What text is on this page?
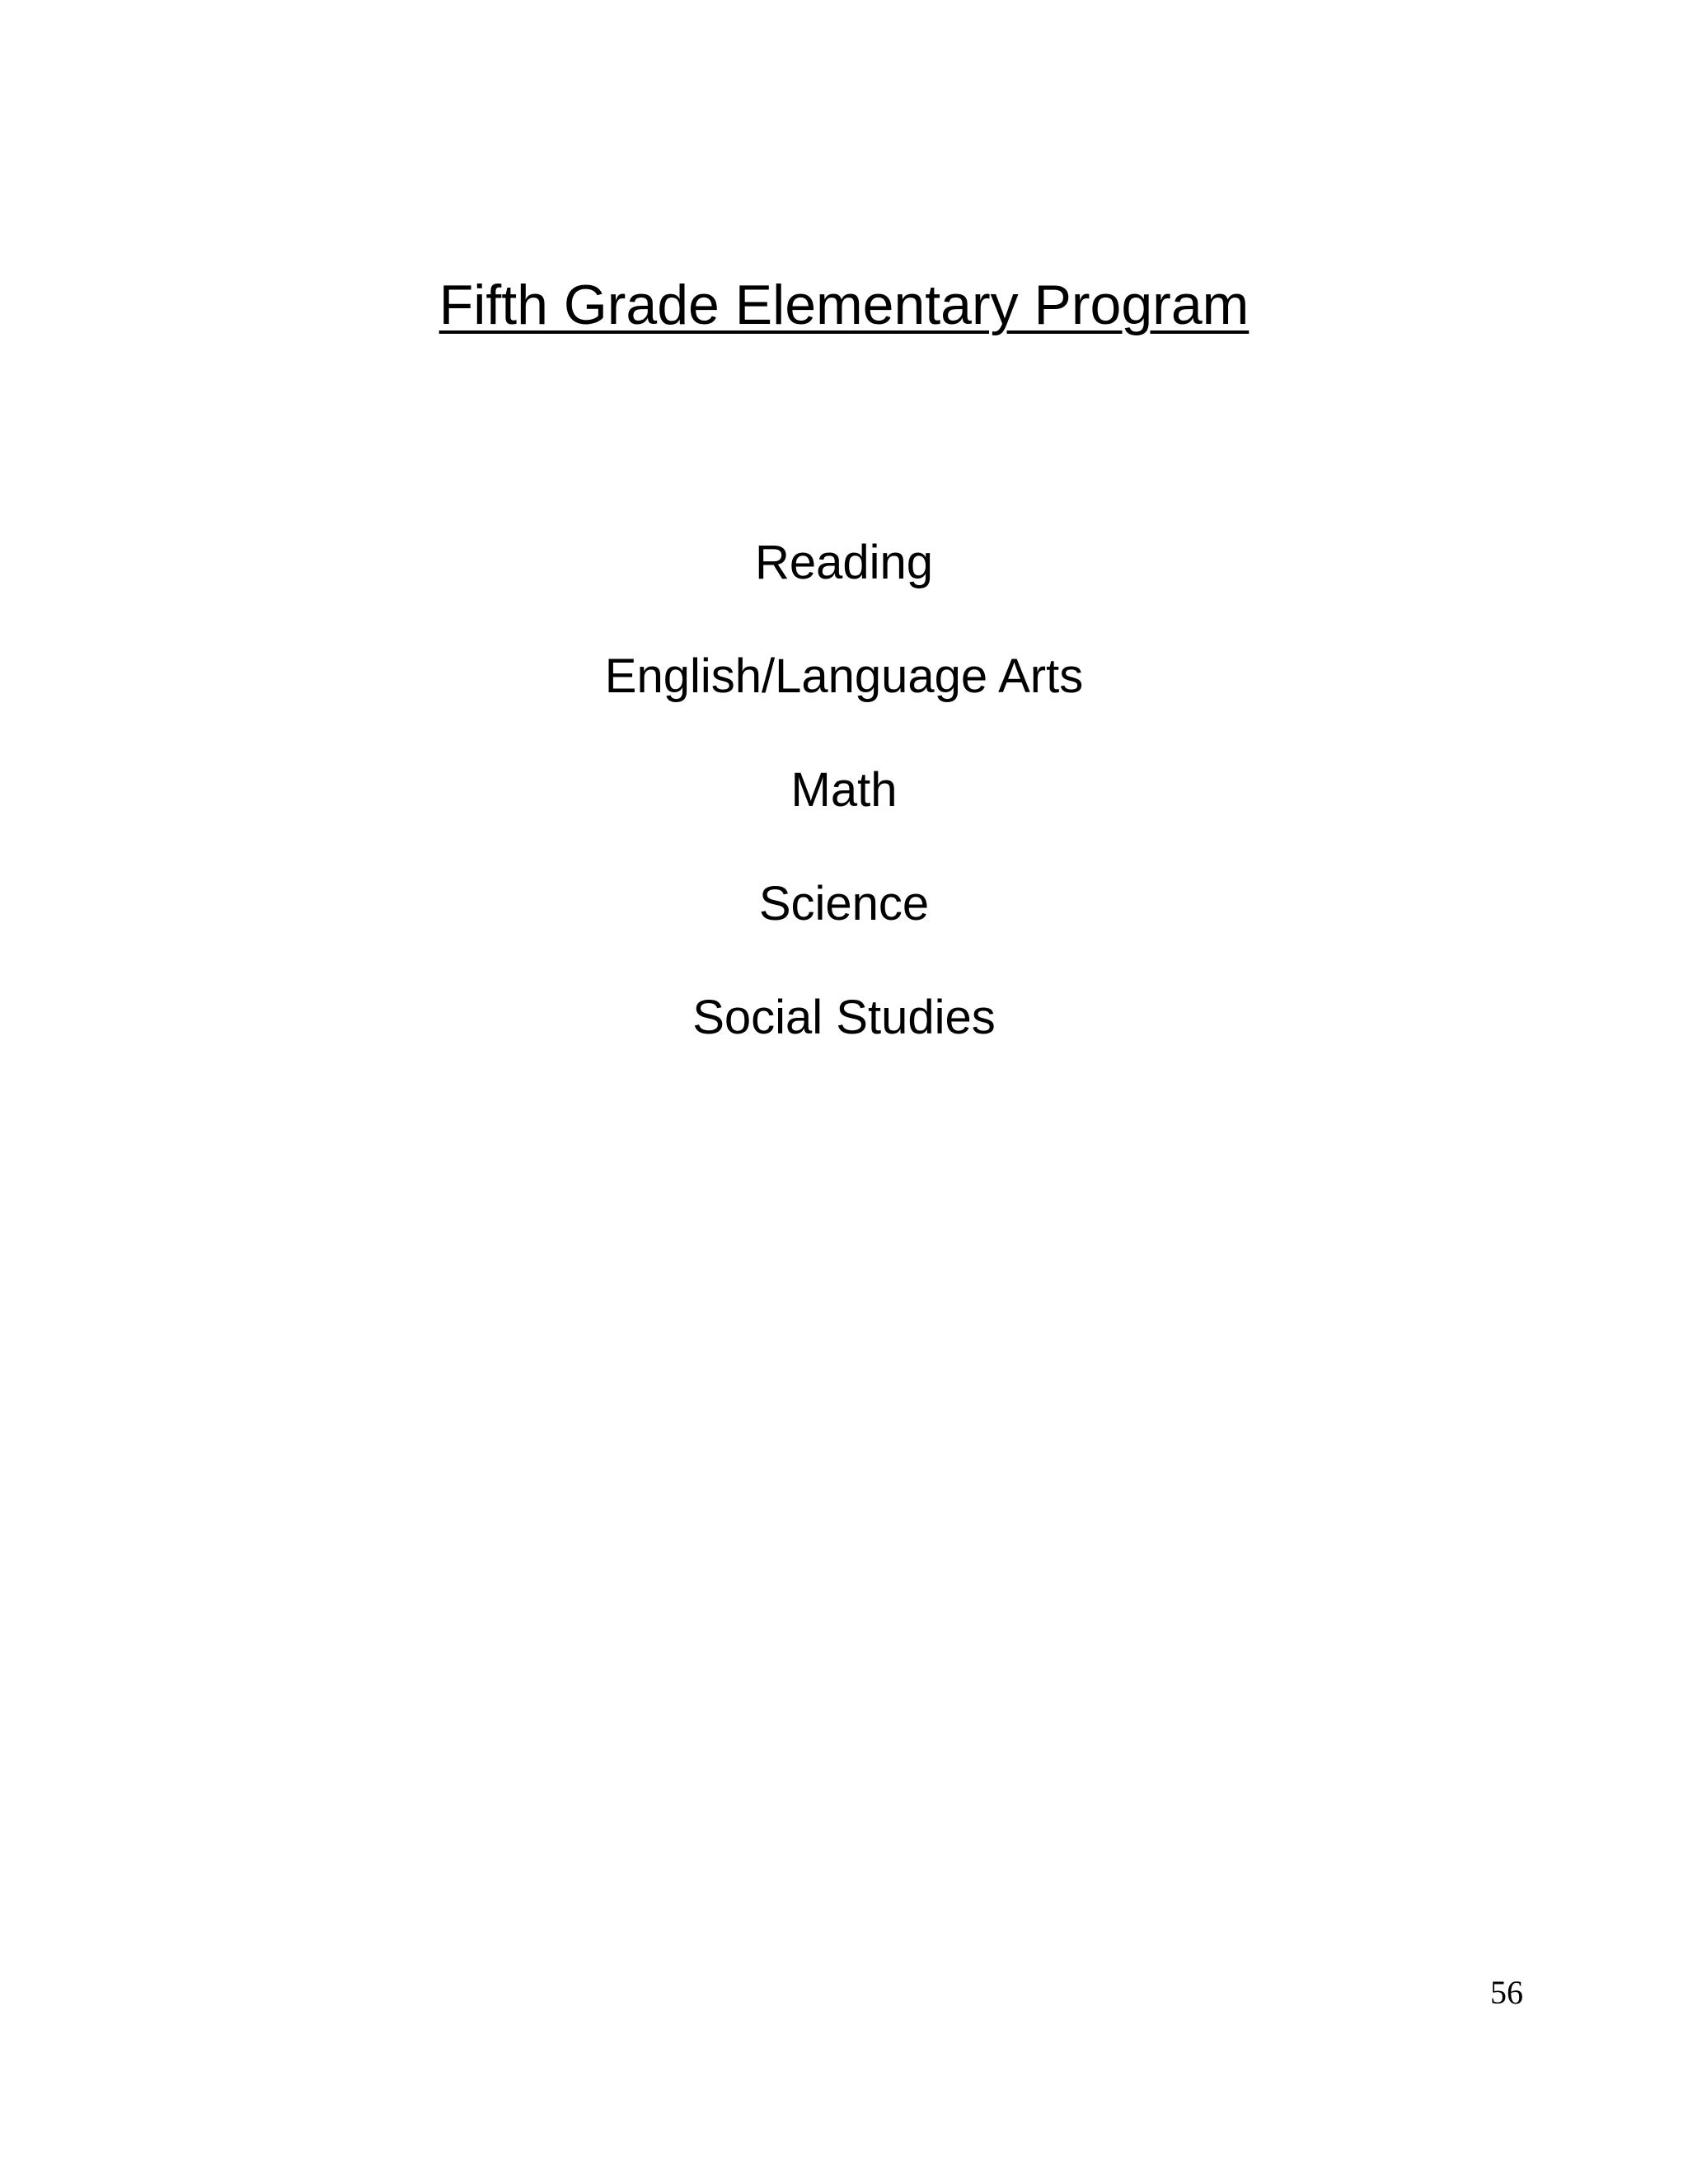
Fifth Grade Elementary Program
Reading
English/Language Arts
Math
Science
Social Studies
56
